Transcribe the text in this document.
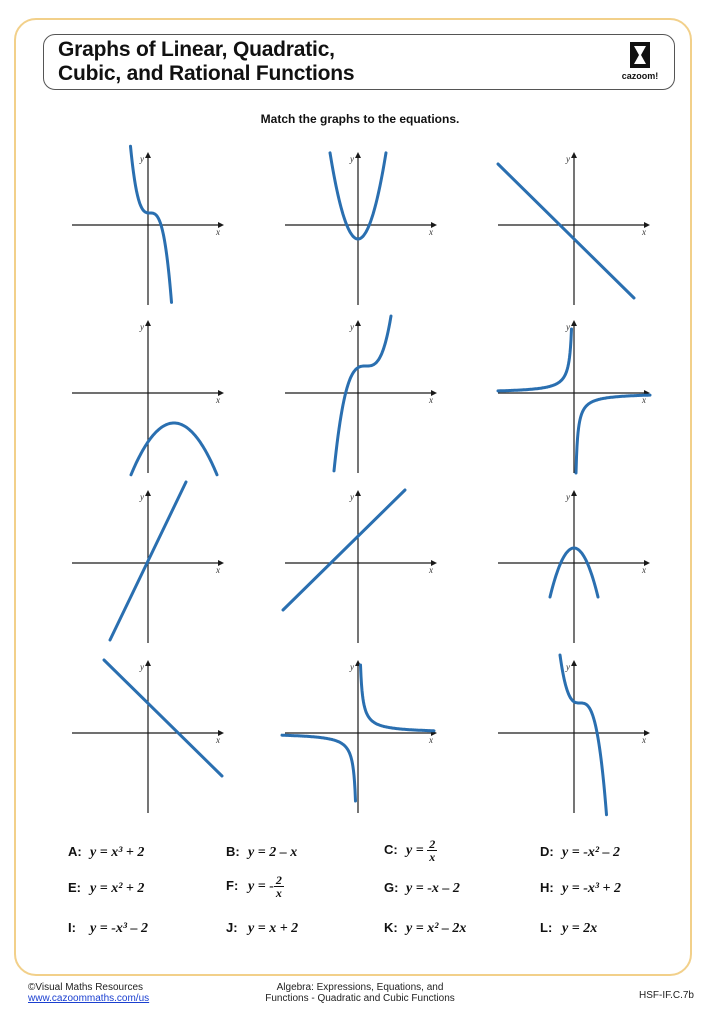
Graphs of Linear, Quadratic,
Cubic, and Rational Functions	cazoom!

Match the graphs to the equations.

x
y
x
y
x
y
x
y
x
y
x
y
x
y
x
y
x
y
x
y
x
y
x
y
A: y = x³ + 2	B: y = 2 – x	C: $y = \frac{2}{x}$	D: y = -x² – 2
E: y = x² + 2	F: y = - $\frac{2}{x}$	G: y = -x – 2	H: y = -x³ + 2
I: y = -x³ – 2	J: y = x + 2	K: y = x² – 2x	L: y = 2x
©Visual Maths Resources
www.cazoommaths.com/us
Algebra: Expressions, Equations, and
Functions - Quadratic and Cubic Functions	HSF-IF.C.7b
